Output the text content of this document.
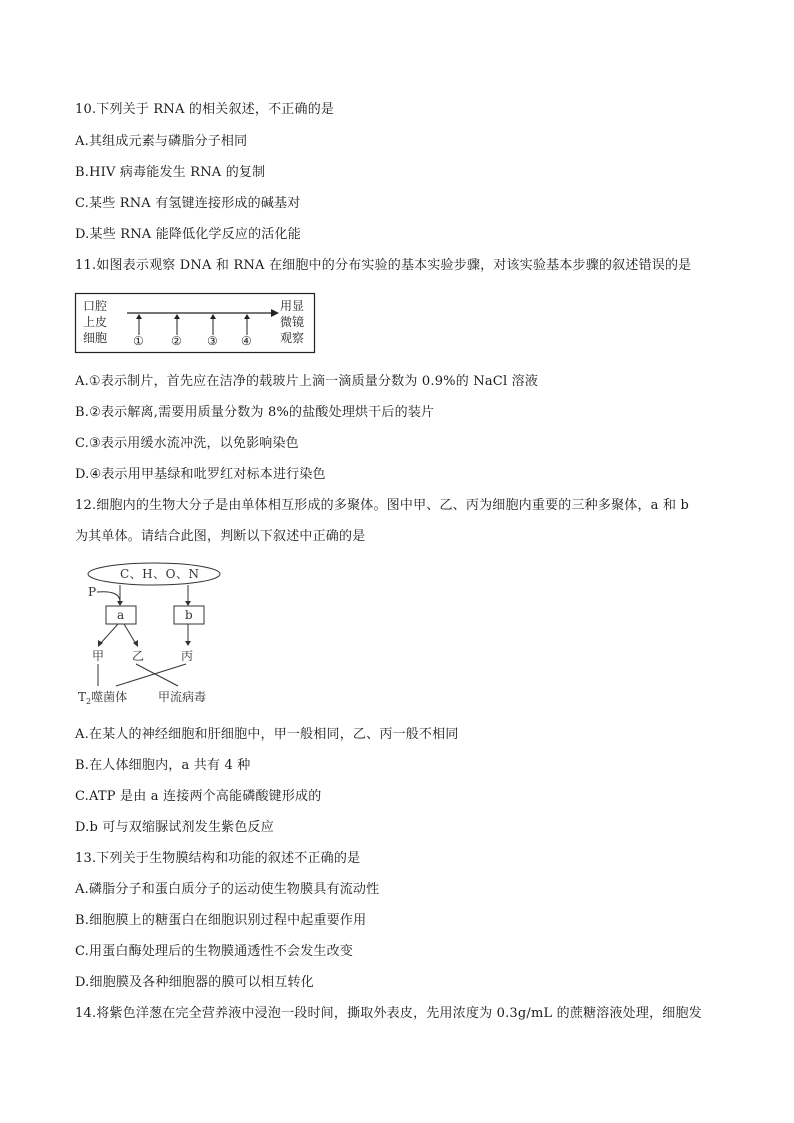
10.下列关于 RNA 的相关叙述，不正确的是
A.其组成元素与磷脂分子相同
B.HIV 病毒能发生 RNA 的复制
C.某些 RNA 有氢键连接形成的碱基对
D.某些 RNA 能降低化学反应的活化能
11.如图表示观察 DNA 和 RNA 在细胞中的分布实验的基本实验步骤，对该实验基本步骤的叙述错误的是
口腔
上皮
细胞 ① ② ③ ④
用显
微镜
观察
A.①表示制片，首先应在洁净的载玻片上滴一滴质量分数为 0.9%的 NaCl 溶液
B.②表示解离,需要用质量分数为 8%的盐酸处理烘干后的装片
C.③表示用缓水流冲洗，以免影响染色
D.④表示用甲基绿和吡罗红对标本进行染色
12.细胞内的生物大分子是由单体相互形成的多聚体。图中甲、乙、丙为细胞内重要的三种多聚体，a 和 b
为其单体。请结合此图，判断以下叙述中正确的是
C、H、O、N
P
a	b
甲 乙	丙
$T_2$噬菌体	甲流病毒
A.在某人的神经细胞和肝细胞中，甲一般相同，乙、丙一般不相同
B.在人体细胞内，a 共有 4 种
C.ATP 是由 a 连接两个高能磷酸键形成的
D.b 可与双缩脲试剂发生紫色反应
13.下列关于生物膜结构和功能的叙述不正确的是
A.磷脂分子和蛋白质分子的运动使生物膜具有流动性
B.细胞膜上的糖蛋白在细胞识别过程中起重要作用
C.用蛋白酶处理后的生物膜通透性不会发生改变
D.细胞膜及各种细胞器的膜可以相互转化
14.将紫色洋葱在完全营养液中浸泡一段时间，撕取外表皮，先用浓度为 0.3g/mL 的蔗糖溶液处理，细胞发
